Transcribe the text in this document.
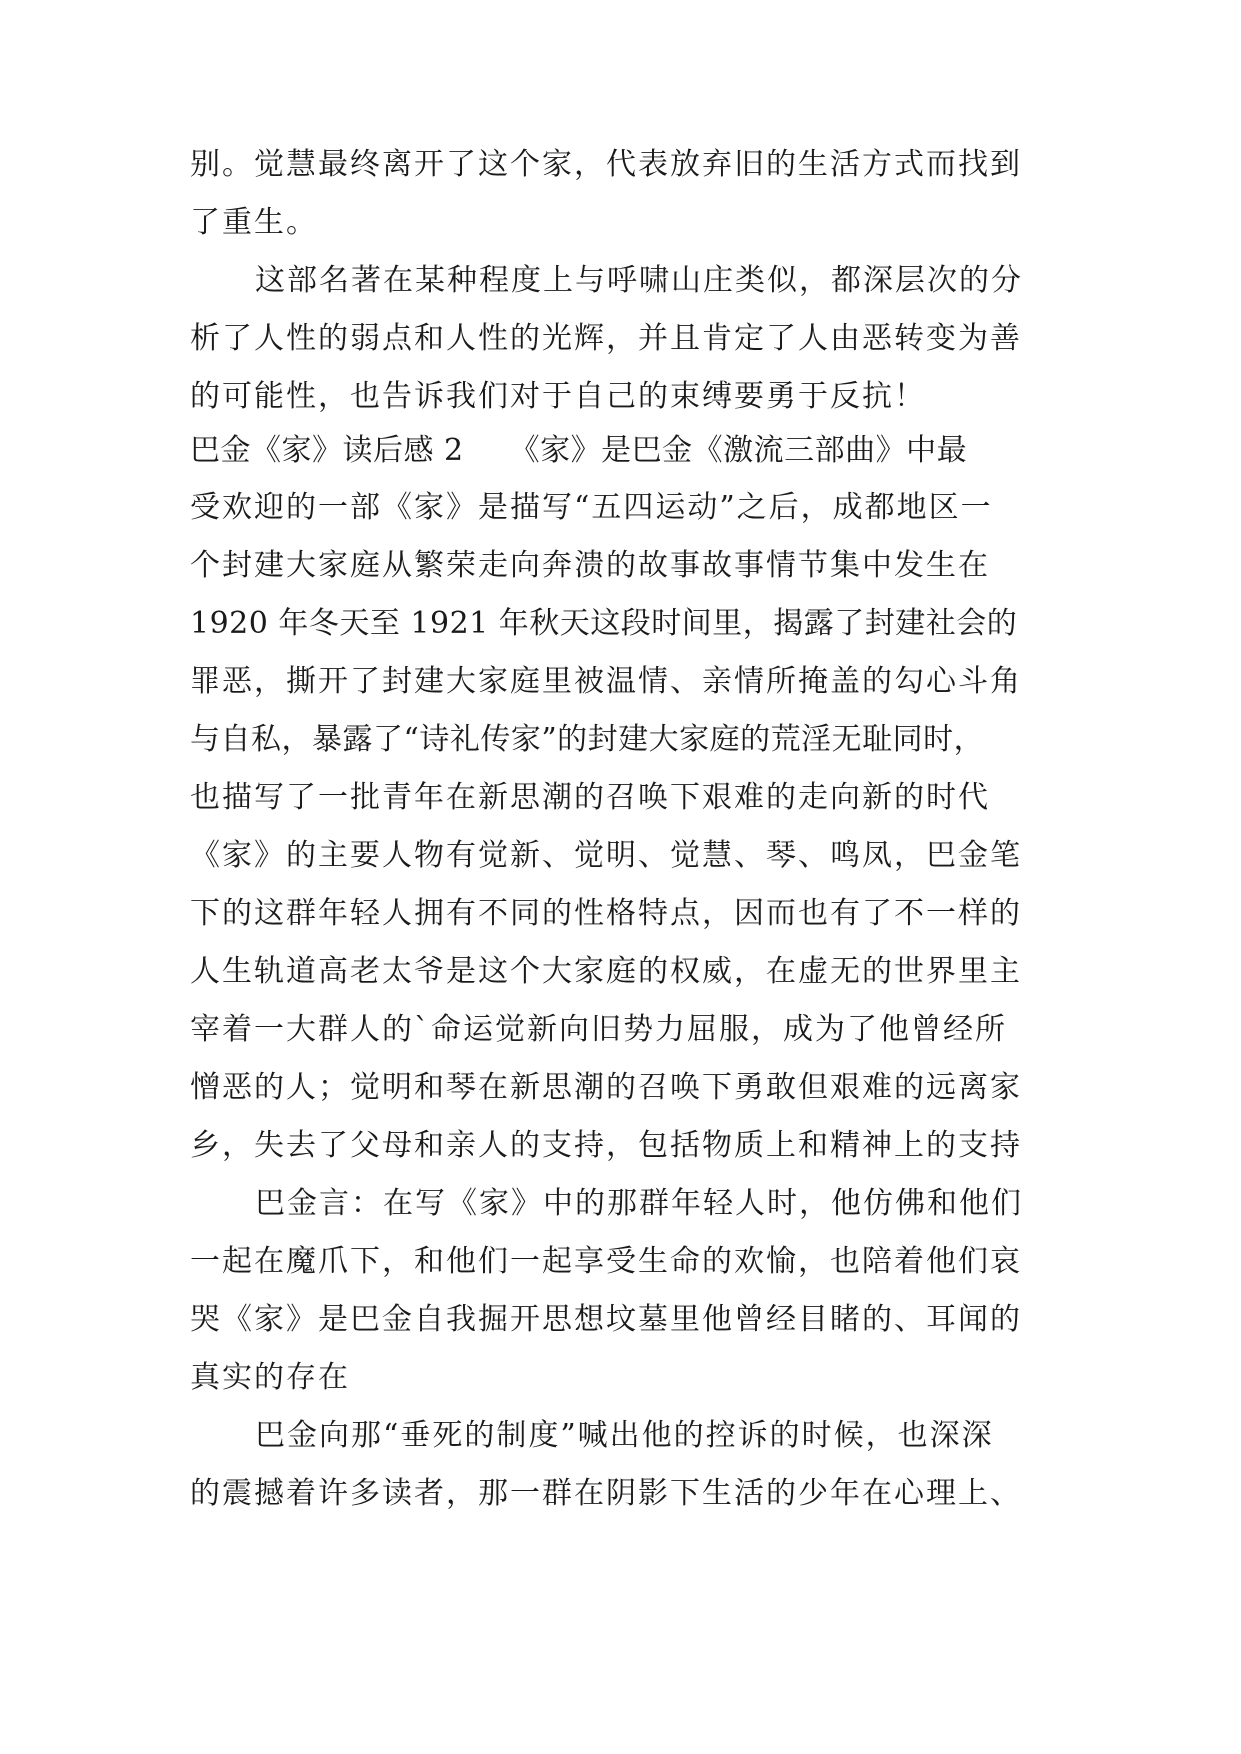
别。觉慧最终离开了这个家，代表放弃旧的生活方式而找到
了重生。
这部名著在某种程度上与呼啸山庄类似，都深层次的分
析了人性的弱点和人性的光辉，并且肯定了人由恶转变为善
的可能性，也告诉我们对于自己的束缚要勇于反抗！
巴金《家》读后感 2　　《家》是巴金《激流三部曲》中最
受欢迎的一部《家》是描写“五四运动”之后，成都地区一
个封建大家庭从繁荣走向奔溃的故事故事情节集中发生在
1920 年冬天至 1921 年秋天这段时间里，揭露了封建社会的
罪恶，撕开了封建大家庭里被温情、亲情所掩盖的勾心斗角
与自私，暴露了“诗礼传家”的封建大家庭的荒淫无耻同时，
也描写了一批青年在新思潮的召唤下艰难的走向新的时代
《家》的主要人物有觉新、觉明、觉慧、琴、鸣凤，巴金笔
下的这群年轻人拥有不同的性格特点，因而也有了不一样的
人生轨道高老太爷是这个大家庭的权威，在虚无的世界里主
宰着一大群人的`命运觉新向旧势力屈服，成为了他曾经所
憎恶的人；觉明和琴在新思潮的召唤下勇敢但艰难的远离家
乡，失去了父母和亲人的支持，包括物质上和精神上的支持
巴金言：在写《家》中的那群年轻人时，他仿佛和他们
一起在魔爪下，和他们一起享受生命的欢愉，也陪着他们哀
哭《家》是巴金自我掘开思想坟墓里他曾经目睹的、耳闻的
真实的存在
巴金向那“垂死的制度”喊出他的控诉的时候，也深深
的震撼着许多读者，那一群在阴影下生活的少年在心理上、
